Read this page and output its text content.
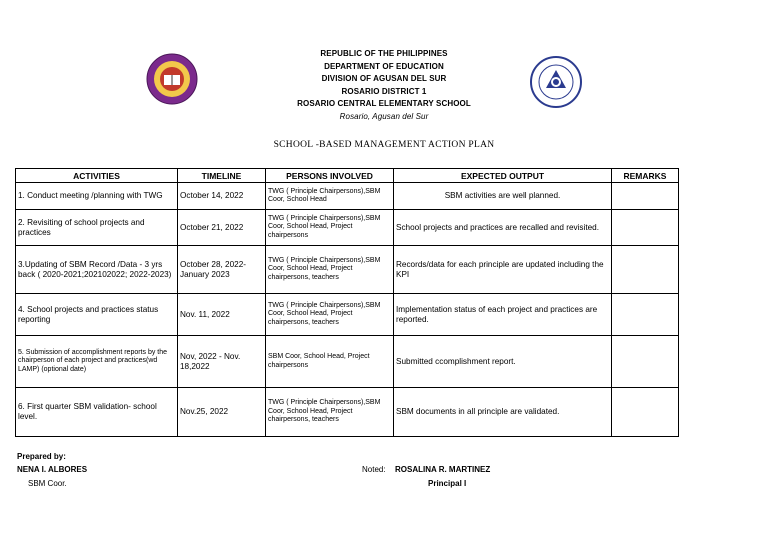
REPUBLIC OF THE PHILIPPINES
DEPARTMENT OF EDUCATION
DIVISION OF AGUSAN DEL SUR
ROSARIO DISTRICT 1
ROSARIO CENTRAL ELEMENTARY SCHOOL
Rosario, Agusan del Sur
SCHOOL -BASED MANAGEMENT ACTION PLAN
ACTIVITIES	TIMELINE	PERSONS INVOLVED	EXPECTED OUTPUT	REMARKS
1. Conduct meeting /planning with TWG	October 14, 2022	TWG ( Principle Chairpersons),SBM Coor, School Head	SBM activities are well planned.	
2. Revisiting of school projects and practices	October 21, 2022	TWG ( Principle Chairpersons),SBM Coor, School Head, Project chairpersons	School projects and practices are recalled and revisited.	
3.Updating of SBM Record /Data - 3 yrs back ( 2020-2021;202102022; 2022-2023)	October 28, 2022- January 2023	TWG ( Principle Chairpersons),SBM Coor, School Head, Project chairpersons, teachers	Records/data for each principle are updated including the KPI	
4. School projects and practices status reporting	Nov. 11, 2022	TWG ( Principle Chairpersons),SBM Coor, School Head, Project chairpersons, teachers	Implementation status of each project and practices are reported.	
5. Submission of accomplishment reports by the chairperson of each project and practices(wd LAMP) (optional date)	Nov, 2022 - Nov. 18,2022	SBM Coor, School Head, Project chairpersons	Submitted ccomplishment report.	
6. First quarter SBM validation- school level.	Nov.25, 2022	TWG ( Principle Chairpersons),SBM Coor, School Head, Project chairpersons, teachers	SBM documents in all principle are validated.	
Prepared by:
NENA I. ALBORES
SBM Coor.
Noted: ROSALINA R. MARTINEZ
Principal I
